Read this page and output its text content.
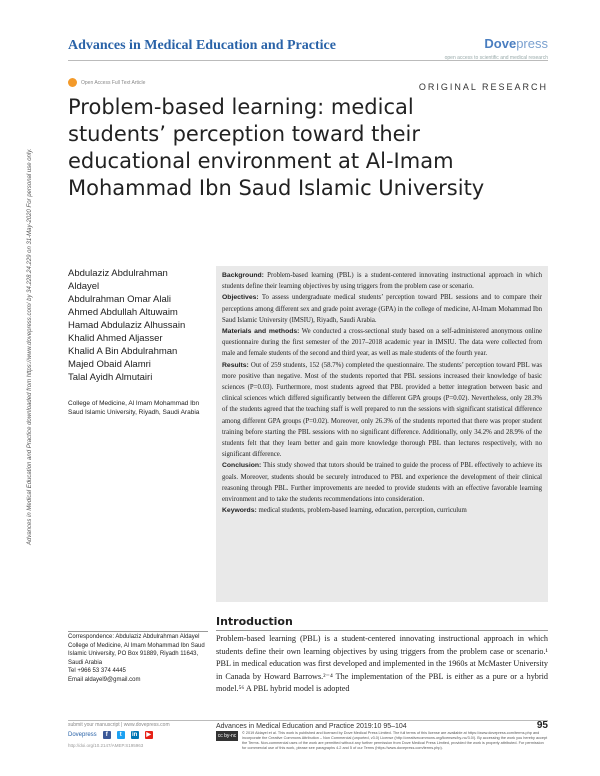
Advances in Medical Education and Practice	Dovepress
open access to scientific and medical research
Open Access Full Text Article	ORIGINAL RESEARCH
Problem-based learning: medical students’ perception toward their educational environment at Al-Imam Mohammad Ibn Saud Islamic University
Advances in Medical Education and Practice downloaded from https://www.dovepress.com/ by 34.228.24.229 on 31-May-2020 For personal use only.	Abdulaziz Abdulrahman
Aldayel
Abdulrahman Omar Alali
Ahmed Abdullah Altuwaim
Hamad Abdulaziz Alhussain
Khalid Ahmed Aljasser
Khalid A Bin Abdulrahman
Majed Obaid Alamri
Talal Ayidh Almutairi
College of Medicine, Al Imam Mohammad Ibn Saud Islamic University, Riyadh, Saudi Arabia

Background: Problem-based learning (PBL) is a student-centered innovating instructional approach in which students define their learning objectives by using triggers from the problem case or scenario.

Objectives: To assess undergraduate medical students’ perception toward PBL sessions and to compare their perceptions among different sex and grade point average (GPA) in the college of medicine, Al-Imam Mohammad Ibn Saud Islamic University (IMSIU), Riyadh, Saudi Arabia.

Materials and methods: We conducted a cross-sectional study based on a self-administered anonymous online questionnaire during the first semester of the 2017–2018 academic year in IMSIU. The data were collected from male and female students of the second and third year, as well as male students of the fourth year.

Results: Out of 259 students, 152 (58.7%) completed the questionnaire. The students’ perception toward PBL was more positive than negative. Most of the students reported that PBL sessions increased their knowledge of basic sciences (P=0.03). Furthermore, most students agreed that PBL provided a better integration between basic and clinical sciences which differed significantly between the different GPA groups (P=0.02). Nevertheless, only 28.3% of the students agreed that the teaching staff is well prepared to run the sessions with significant statistical difference among different GPA groups (P=0.02). Moreover, only 26.3% of the students reported that there was proper student training before starting the PBL sessions with no significant difference. Additionally, only 34.2% and 28.9% of the students felt that they learn better and gain more knowledge thorough PBL than lectures respectively, with no significant difference.

Conclusion: This study showed that tutors should be trained to guide the process of PBL effectively to achieve its goals. Moreover, students should be securely introduced to PBL and experience the development of their clinical reasoning through PBL. Further improvements are needed to provide students with an effective favorable learning environment and to take the students recommendations into consideration.

Keywords: medical students, problem-based learning, education, perception, curriculum

Introduction
Problem-based learning (PBL) is a student-centered innovating instructional approach in which students define their own learning objectives by using triggers from the problem case or scenario.¹ PBL in medical education was first developed and implemented in the 1960s at McMaster University in Canada by Howard Barrows.²⁻⁴ The implementation of the PBL is either as a pure or a hybrid model.⁵⁶ A PBL hybrid model is adopted
Correspondence: Abdulaziz Abdulrahman Aldayel
College of Medicine, Al Imam Mohammad Ibn Saud Islamic University, PO Box 91889, Riyadh 11643, Saudi Arabia
Tel +966 53 374 4445
Email aldayel9@gmail.com
submit your manuscript | www.dovepress.com
Dovepress	f	t	in ▶
http://doi.org/10.2147/AMEP.S195963
Advances in Medical Education and Practice 2019:10 95–104	95
cc by-nc	© 2019 Aldayel et al. This work is published and licensed by Dove Medical Press Limited. The full terms of this license are available at https://www.dovepress.com/terms.php and incorporate the Creative Commons Attribution – Non Commercial (unported, v3.0) License (http://creativecommons.org/licenses/by-nc/3.0/). By accessing the work you hereby accept the Terms. Non-commercial uses of the work are permitted without any further permission from Dove Medical Press Limited, provided the work is properly attributed. For permission for commercial use of this work, please see paragraphs 4.2 and 5 of our Terms (https://www.dovepress.com/terms.php).
